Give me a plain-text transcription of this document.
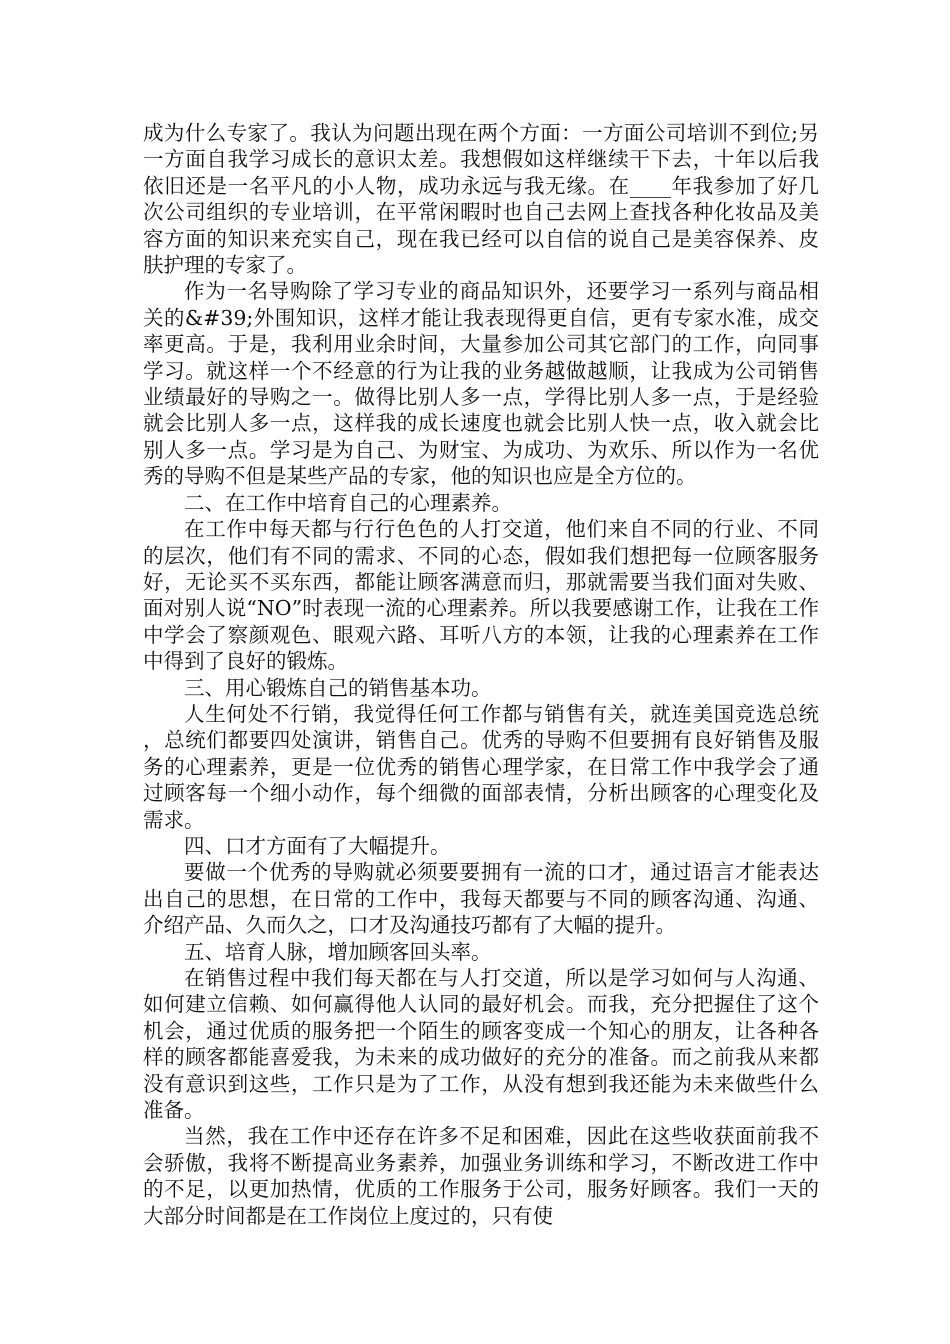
成为什么专家了。我认为问题出现在两个方面：一方面公司培训不到位;另一方面自我学习成长的意识太差。我想假如这样继续干下去，十年以后我依旧还是一名平凡的小人物，成功永远与我无缘。在____年我参加了好几次公司组织的专业培训，在平常闲暇时也自己去网上查找各种化妆品及美容方面的知识来充实自己，现在我已经可以自信的说自己是美容保养、皮肤护理的专家了。

作为一名导购除了学习专业的商品知识外，还要学习一系列与商品相关的&#39;外围知识，这样才能让我表现得更自信，更有专家水准，成交率更高。于是，我利用业余时间，大量参加公司其它部门的工作，向同事学习。就这样一个不经意的行为让我的业务越做越顺，让我成为公司销售业绩最好的导购之一。做得比别人多一点，学得比别人多一点，于是经验就会比别人多一点，这样我的成长速度也就会比别人快一点，收入就会比别人多一点。学习是为自己、为财宝、为成功、为欢乐、所以作为一名优秀的导购不但是某些产品的专家，他的知识也应是全方位的。

二、在工作中培育自己的心理素养。

在工作中每天都与行行色色的人打交道，他们来自不同的行业、不同的层次，他们有不同的需求、不同的心态，假如我们想把每一位顾客服务好，无论买不买东西，都能让顾客满意而归，那就需要当我们面对失败、面对别人说“NO”时表现一流的心理素养。所以我要感谢工作，让我在工作中学会了察颜观色、眼观六路、耳听八方的本领，让我的心理素养在工作中得到了良好的锻炼。

三、用心锻炼自己的销售基本功。

人生何处不行销，我觉得任何工作都与销售有关，就连美国竞选总统，总统们都要四处演讲，销售自己。优秀的导购不但要拥有良好销售及服务的心理素养，更是一位优秀的销售心理学家，在日常工作中我学会了通过顾客每一个细小动作，每个细微的面部表情，分析出顾客的心理变化及需求。

四、口才方面有了大幅提升。

要做一个优秀的导购就必须要要拥有一流的口才，通过语言才能表达出自己的思想，在日常的工作中，我每天都要与不同的顾客沟通、沟通、介绍产品、久而久之，口才及沟通技巧都有了大幅的提升。

五、培育人脉，增加顾客回头率。

在销售过程中我们每天都在与人打交道，所以是学习如何与人沟通、如何建立信赖、如何赢得他人认同的最好机会。而我，充分把握住了这个机会，通过优质的服务把一个陌生的顾客变成一个知心的朋友，让各种各样的顾客都能喜爱我，为未来的成功做好的充分的准备。而之前我从来都没有意识到这些，工作只是为了工作，从没有想到我还能为未来做些什么准备。

当然，我在工作中还存在许多不足和困难，因此在这些收获面前我不会骄傲，我将不断提高业务素养，加强业务训练和学习，不断改进工作中的不足，以更加热情，优质的工作服务于公司，服务好顾客。我们一天的大部分时间都是在工作岗位上度过的，只有使
